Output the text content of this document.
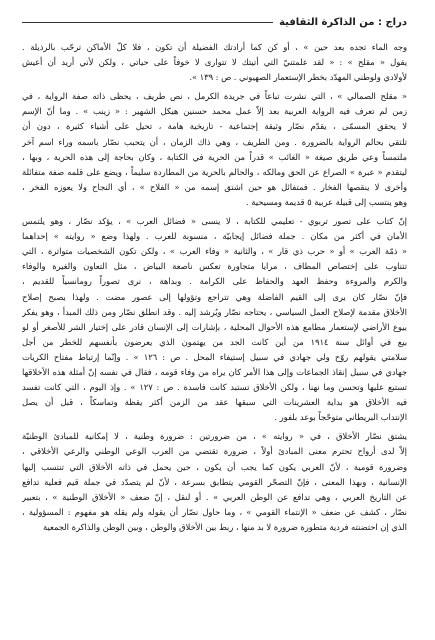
دراج : من الذاكرة الثقافية
وجه الماء تجده بعد حين » ، أو كن كما أرادتك الفضيلة أن تكون ، فلا كلّ الأماكن ترحّب بالرذيلة .
يقول « مقلح » : « لقد علمتنيّ التي أتيتك لا تتوارى لا خوفاً على حياتي ، ولكن لأني أريد أن أعيش
لأولادي ولوطني المهدّد بخطر الإستعمار الصهيوني . ص : ١٣٩ ».
« مقلح الصمالي » ، التي نشرت تباعاً في جريدة الكرمل ، نص طريف ، يحظى ذاته صفة الرواية ، في
زمن لم تعرف فيه الرواية العربية بعد إلاّ عمل محمد حسنين هيكل الشهير : « زينب » . وما أنّ الإسم
لا يحقق المسمّى ، يقدّم نصّار وثيقة إجتماعية - تاريخية هامة ، تحيل على أشياء كثيرة ، دون أن
تلتقي بحالم الرواية بالضرورة . ومن الطريف ، وهي ذاك الزمان ، أن يتحبب نصّار باسمه وراء اسم آخر
ملتمساً وعي طريق صيغة « الغائب » قدراً من الحرية في الكتابة ، وكان بحاجة إلى هذه الحرية ، وبها ،
ليتقدم « عبرة » الصراع عن الحق ومالكه ، والحالم بالحرية من المطاردة سليماً ، ويضع على قلمه صفة متفائلة
وأخرى لا ينقصها الفخار . فمتفائل هو حين اشتق إسمه من « الفلاح » ، أي النجاح ولا يعوزه الفخر ،
وهو ينتسب إلى قبيلة عربية ٥ قديمة ومسيحية .
إنّ كتاب على تصور تربوي - تعليمي للكتابة ، لا ينسى « فضائل العرب » ، يؤكد نصّار ، وهو يلتمس
الأمان في أكثر من مكان . جملة فضائل إيجابيّة ، منسوبة للعرب . ولهذا وضع « روايته » إحداهما
« ذمّة العرب » أو « حرب ذي قار » ، والثانية « وفاء العرب » ، ولكن تكون الشخصيات متواترة ، التي
تتناوب على إختصاص المطاف ، مرايا متجاورة تعكس ناصعة البياض ، مثل التعاون والغيرة والوفاء
والكرم والمروءة وحفظ العهد والحفاظ على الكرامة . وبداهة ، نرى تصوراً رومانسياً للقديم ،
فإنّ نصّار كان يرى إلى القيم الفاضلة وهي تتراجع وتؤولها إلى عصور مضت . ولهذا يصبح إصلاح
الأخلاق مقدمة لإصلاح العمل السياسي ، يحتاجه نصّار ويُرشد إليه . وقد انطلق نصّار ومن ذلك المبدأ ، وهو يفكر
بيوع الأراضي لإستعمار مطامع هذه الأحوال المحلية ، بإشارات إلى الإنسان قادر على إختيار الشر للأصغر أو لو
بيع في أوائل سنة ١٩١٤ من أين كانت الجد من يهتمون الذي يعرضون بأنفسهم للخطر من أجل
سلامتي يقولهم روّح ولي جهادي في سبيل إستيفاء المحل . ص : ١٢٦ » . وإنّما إرتباط مفتاح الكريات
جهادي في سبيل إنقاذ الجماعات وإلى هذا الأمر كان يراه من وفاء قومه ، فقال في نفسه إنّ أمثلة هذه الأخلاقها
تستبع عليها وتحسن وما نهنا ، ولكن الأخلاق تستبد كانت فاسدة . ص : ١٢٧ » . وإذ اليوم ، التي كانت تفسد
فيه الأخلاق هو بداية العشرينات التي سبقها عقد من الزمن أكثر يقظة وتماسكاً ، قبل أن يصل
الإنتداب البريطاني متوحّجاً بوعد بلفور .
يشتق نصّار الأخلاق ، في « روايته » ، من ضرورتين : ضرورة وطنية ، لا إمكانية للمبادئ الوطنيّة
إلاّ لدى أرواح تحترم معنى المبادئ أولاً ، ضرورة تقتضي من العرب الوعي الوطني والرعي الأخلاقي ،
وضرورة قومية ، لأنّ العربي يكون كما يجب أن يكون ، حين يحمل في ذاته الأخلاق التي تنتسب إليها
الإنسانية ، وبهذا المعنى ، فإنّ التصحّر القومي يتطابق بسرعة ، لأنّ لم يتصدّد في جملة قيم فعلية تدافع
عن التاريخ العربي ، وهي تدافع عن الوطن العربي » . أو لنقل ، إنّ ضعف « الأخلاق الوطنية » ، بتعبير
نصّار ، كشف عن ضعف « الإنتماء القومي » ، وما حاول نصّار أن يقوله ولم يقله هو مفهوم : المسؤولية ،
الذي إن احتضنته فردية متطورة ضرورة لا بد منها ، ربط بين الأخلاق والوطن ، وبين الوطن والذاكرة الجمعية
